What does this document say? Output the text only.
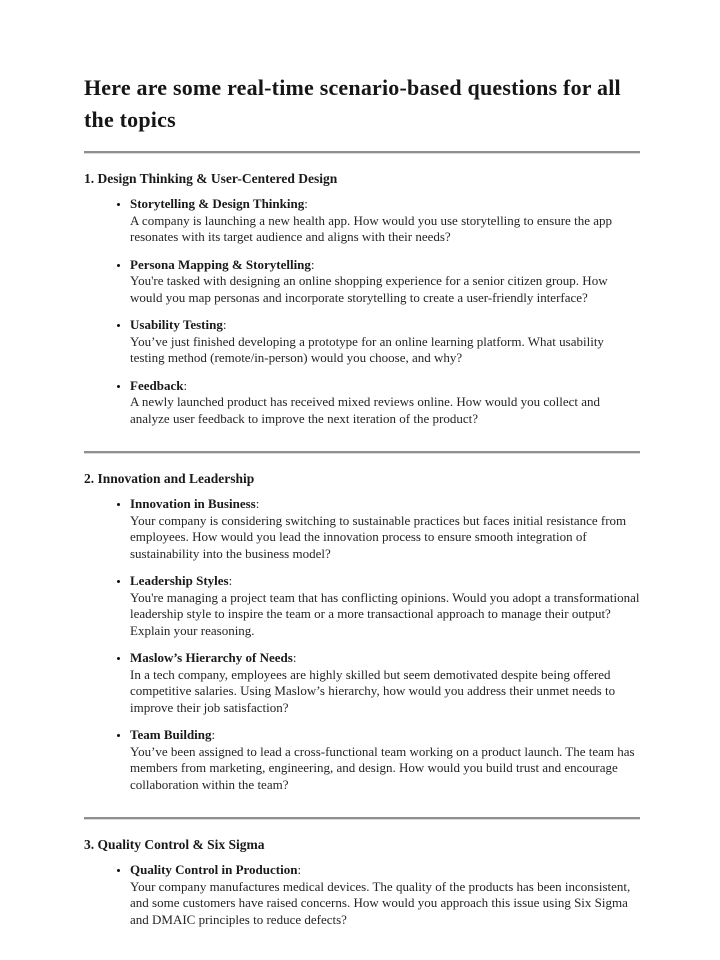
Here are some real-time scenario-based questions for all the topics
1. Design Thinking & User-Centered Design
• Storytelling & Design Thinking:
A company is launching a new health app. How would you use storytelling to ensure the app resonates with its target audience and aligns with their needs?
• Persona Mapping & Storytelling:
You're tasked with designing an online shopping experience for a senior citizen group. How would you map personas and incorporate storytelling to create a user-friendly interface?
• Usability Testing:
You’ve just finished developing a prototype for an online learning platform. What usability testing method (remote/in-person) would you choose, and why?
• Feedback:
A newly launched product has received mixed reviews online. How would you collect and analyze user feedback to improve the next iteration of the product?
2. Innovation and Leadership
• Innovation in Business:
Your company is considering switching to sustainable practices but faces initial resistance from employees. How would you lead the innovation process to ensure smooth integration of sustainability into the business model?
• Leadership Styles:
You're managing a project team that has conflicting opinions. Would you adopt a transformational leadership style to inspire the team or a more transactional approach to manage their output? Explain your reasoning.
• Maslow’s Hierarchy of Needs:
In a tech company, employees are highly skilled but seem demotivated despite being offered competitive salaries. Using Maslow’s hierarchy, how would you address their unmet needs to improve their job satisfaction?
• Team Building:
You’ve been assigned to lead a cross-functional team working on a product launch. The team has members from marketing, engineering, and design. How would you build trust and encourage collaboration within the team?
3. Quality Control & Six Sigma
• Quality Control in Production:
Your company manufactures medical devices. The quality of the products has been inconsistent, and some customers have raised concerns. How would you approach this issue using Six Sigma and DMAIC principles to reduce defects?
